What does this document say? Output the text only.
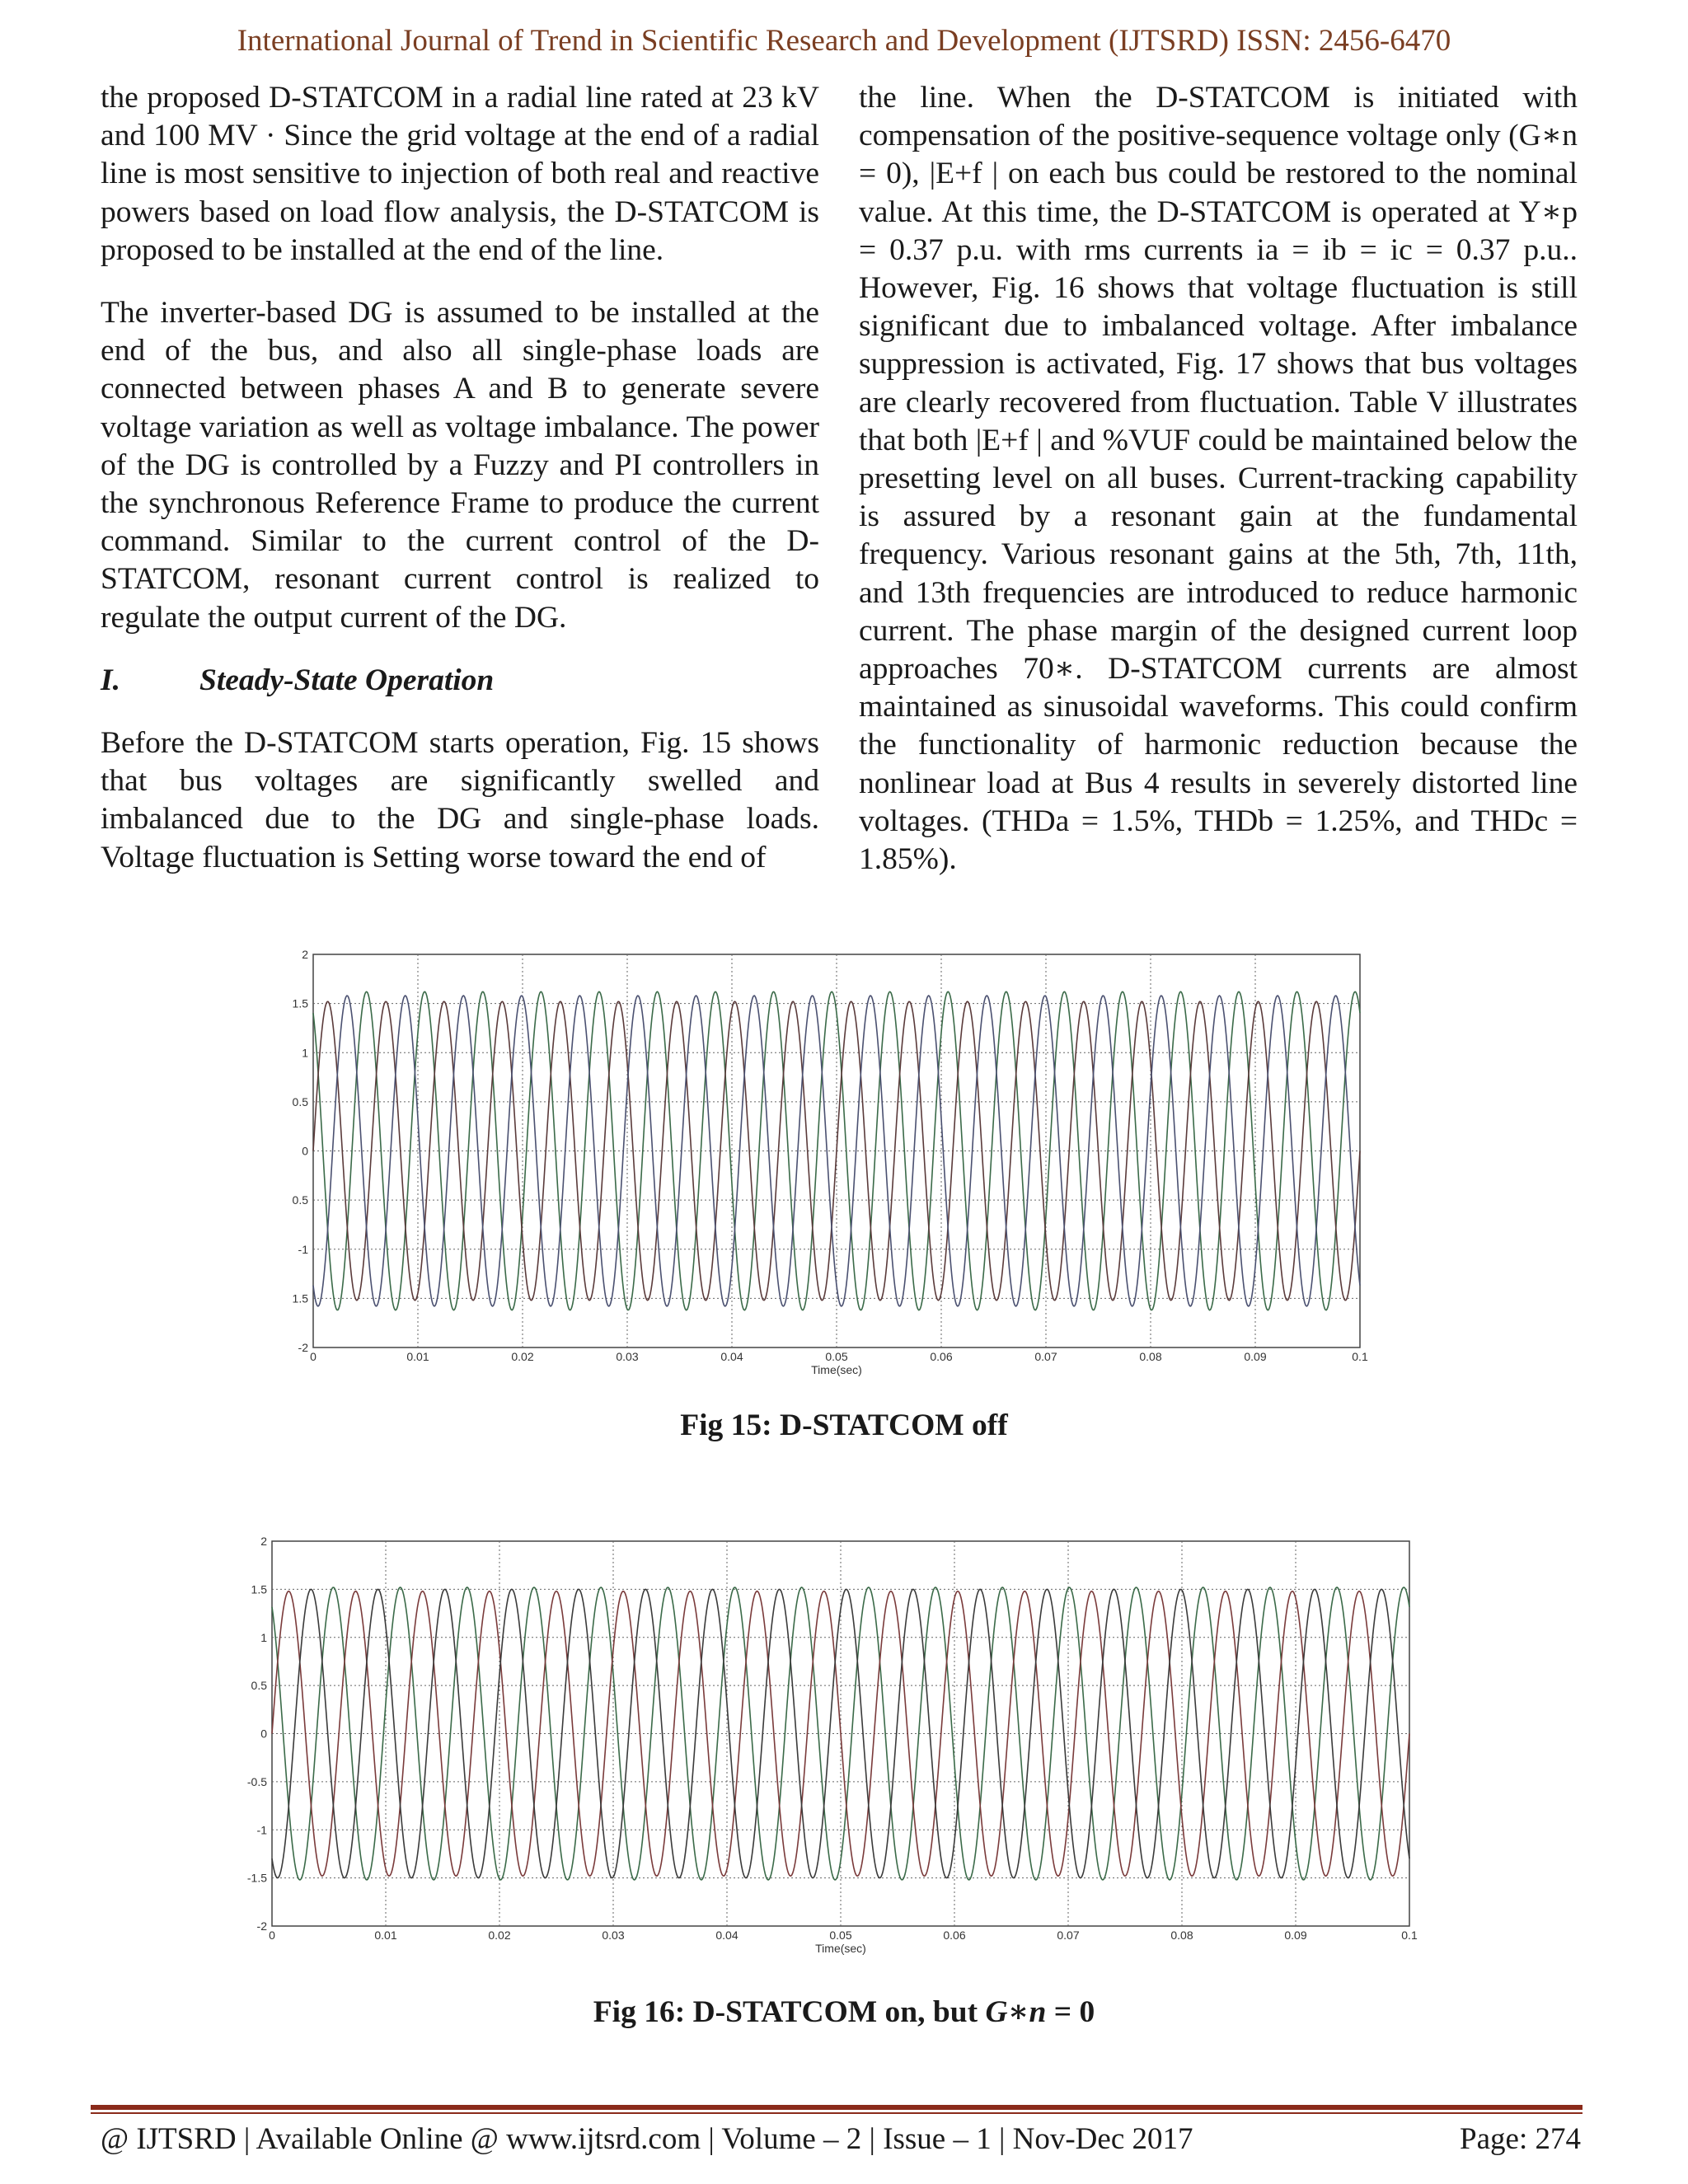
International Journal of Trend in Scientific Research and Development (IJTSRD) ISSN: 2456-6470

the proposed D-STATCOM in a radial line rated at 23 kV and 100 MV · Since the grid voltage at the end of a radial line is most sensitive to injection of both real and reactive powers based on load flow analysis, the D-STATCOM is proposed to be installed at the end of the line.

The inverter-based DG is assumed to be installed at the end of the bus, and also all single-phase loads are connected between phases A and B to generate severe voltage variation as well as voltage imbalance. The power of the DG is controlled by a Fuzzy and PI controllers in the synchronous Reference Frame to produce the current command. Similar to the current control of the D-STATCOM, resonant current control is realized to regulate the output current of the DG.

I.	Steady-State Operation

Before the D-STATCOM starts operation, Fig. 15 shows that bus voltages are significantly swelled and imbalanced due to the DG and single-phase loads. Voltage fluctuation is Setting worse toward the end of

the line. When the D-STATCOM is initiated with compensation of the positive-sequence voltage only (G∗n = 0), |E+f | on each bus could be restored to the nominal value. At this time, the D-STATCOM is operated at Y∗p = 0.37 p.u. with rms currents ia = ib = ic = 0.37 p.u.. However, Fig. 16 shows that voltage fluctuation is still significant due to imbalanced voltage. After imbalance suppression is activated, Fig. 17 shows that bus voltages are clearly recovered from fluctuation. Table V illustrates that both |E+f | and %VUF could be maintained below the presetting level on all buses. Current-tracking capability is assured by a resonant gain at the fundamental frequency. Various resonant gains at the 5th, 7th, 11th, and 13th frequencies are introduced to reduce harmonic current. The phase margin of the designed current loop approaches 70∗. D-STATCOM currents are almost maintained as sinusoidal waveforms. This could confirm the functionality of harmonic reduction because the nonlinear load at Bus 4 results in severely distorted line voltages. (THDa = 1.5%, THDb = 1.25%, and THDc = 1.85%).

0	0.01	0.02	0.03	0.04	0.05	0.06	0.07	0.08	0.09	0.1
2
1.5
1
0.5
0
0.5
-1
1.5
-2
Time(sec)
Fig 15: D-STATCOM off
0	0.01	0.02	0.03	0.04	0.05	0.06	0.07	0.08	0.09	0.1
2
1.5
1
0.5
0
-0.5
-1
-1.5
-2
Time(sec)
Fig 16: D-STATCOM on, but G∗n = 0
@ IJTSRD | Available Online @ www.ijtsrd.com | Volume – 2 | Issue – 1 | Nov-Dec 2017	Page: 274
